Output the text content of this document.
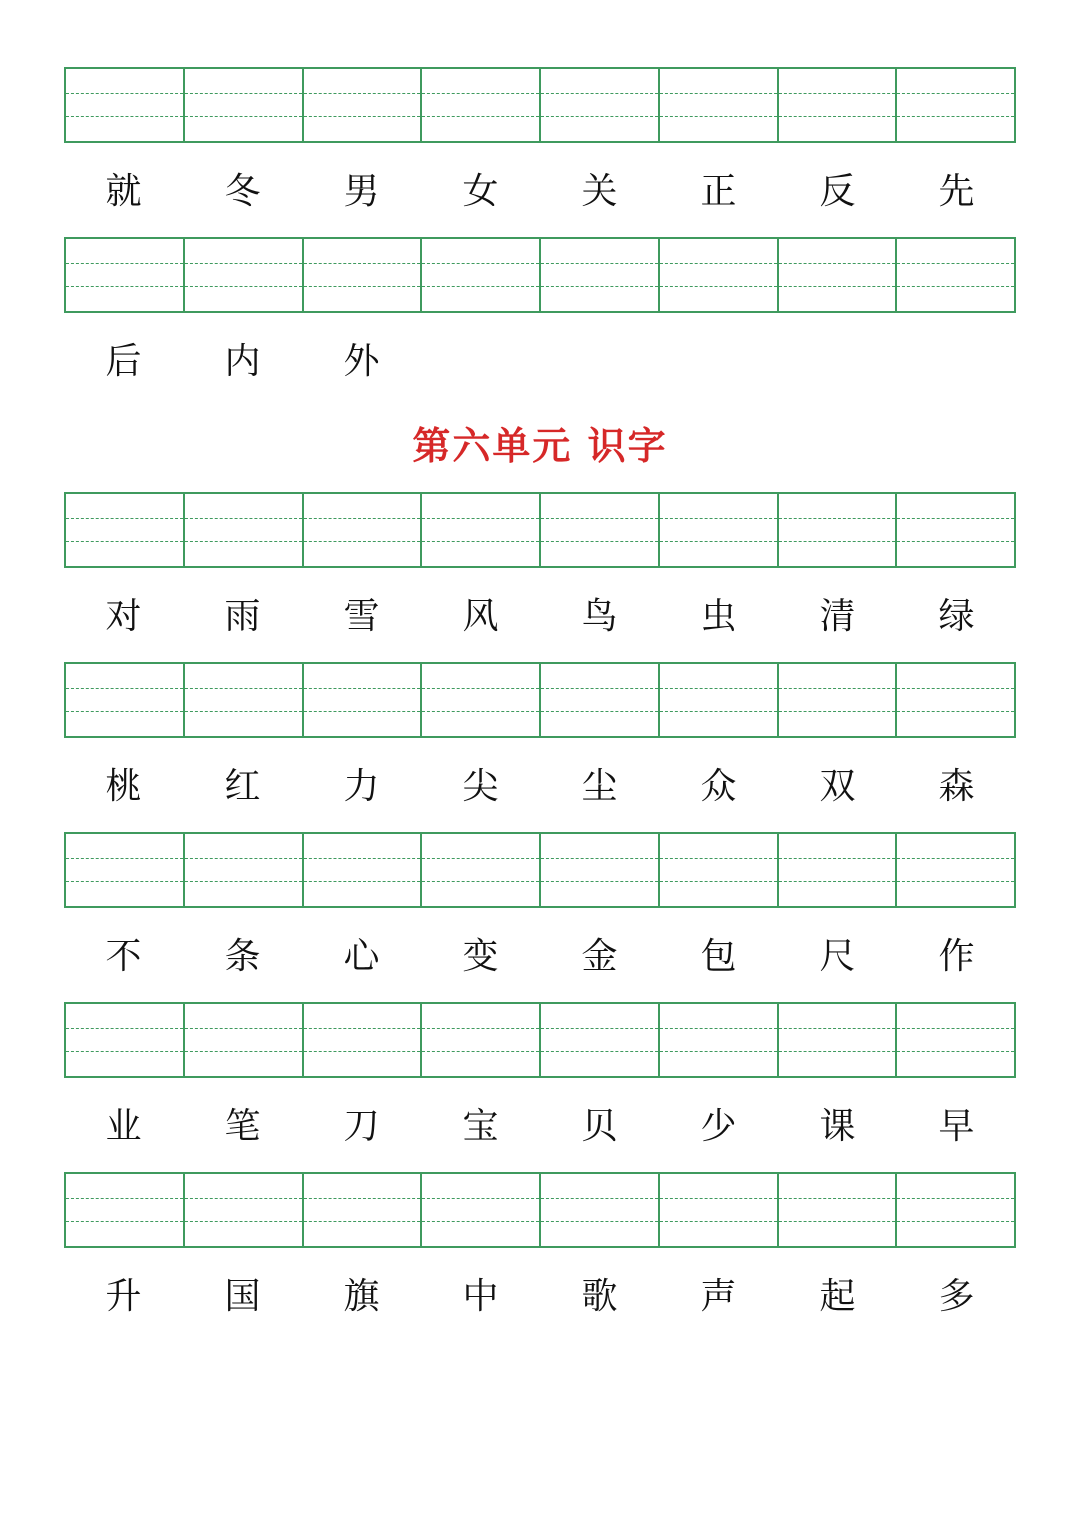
就	冬	男	女	关	正	反	先
后	内	外
第六单元 识字
对	雨	雪	风	鸟	虫	清	绿
桃	红	力	尖	尘	众	双	森
不	条	心	变	金	包	尺	作
业	笔	刀	宝	贝	少	课	早
升	国	旗	中	歌	声	起	多
